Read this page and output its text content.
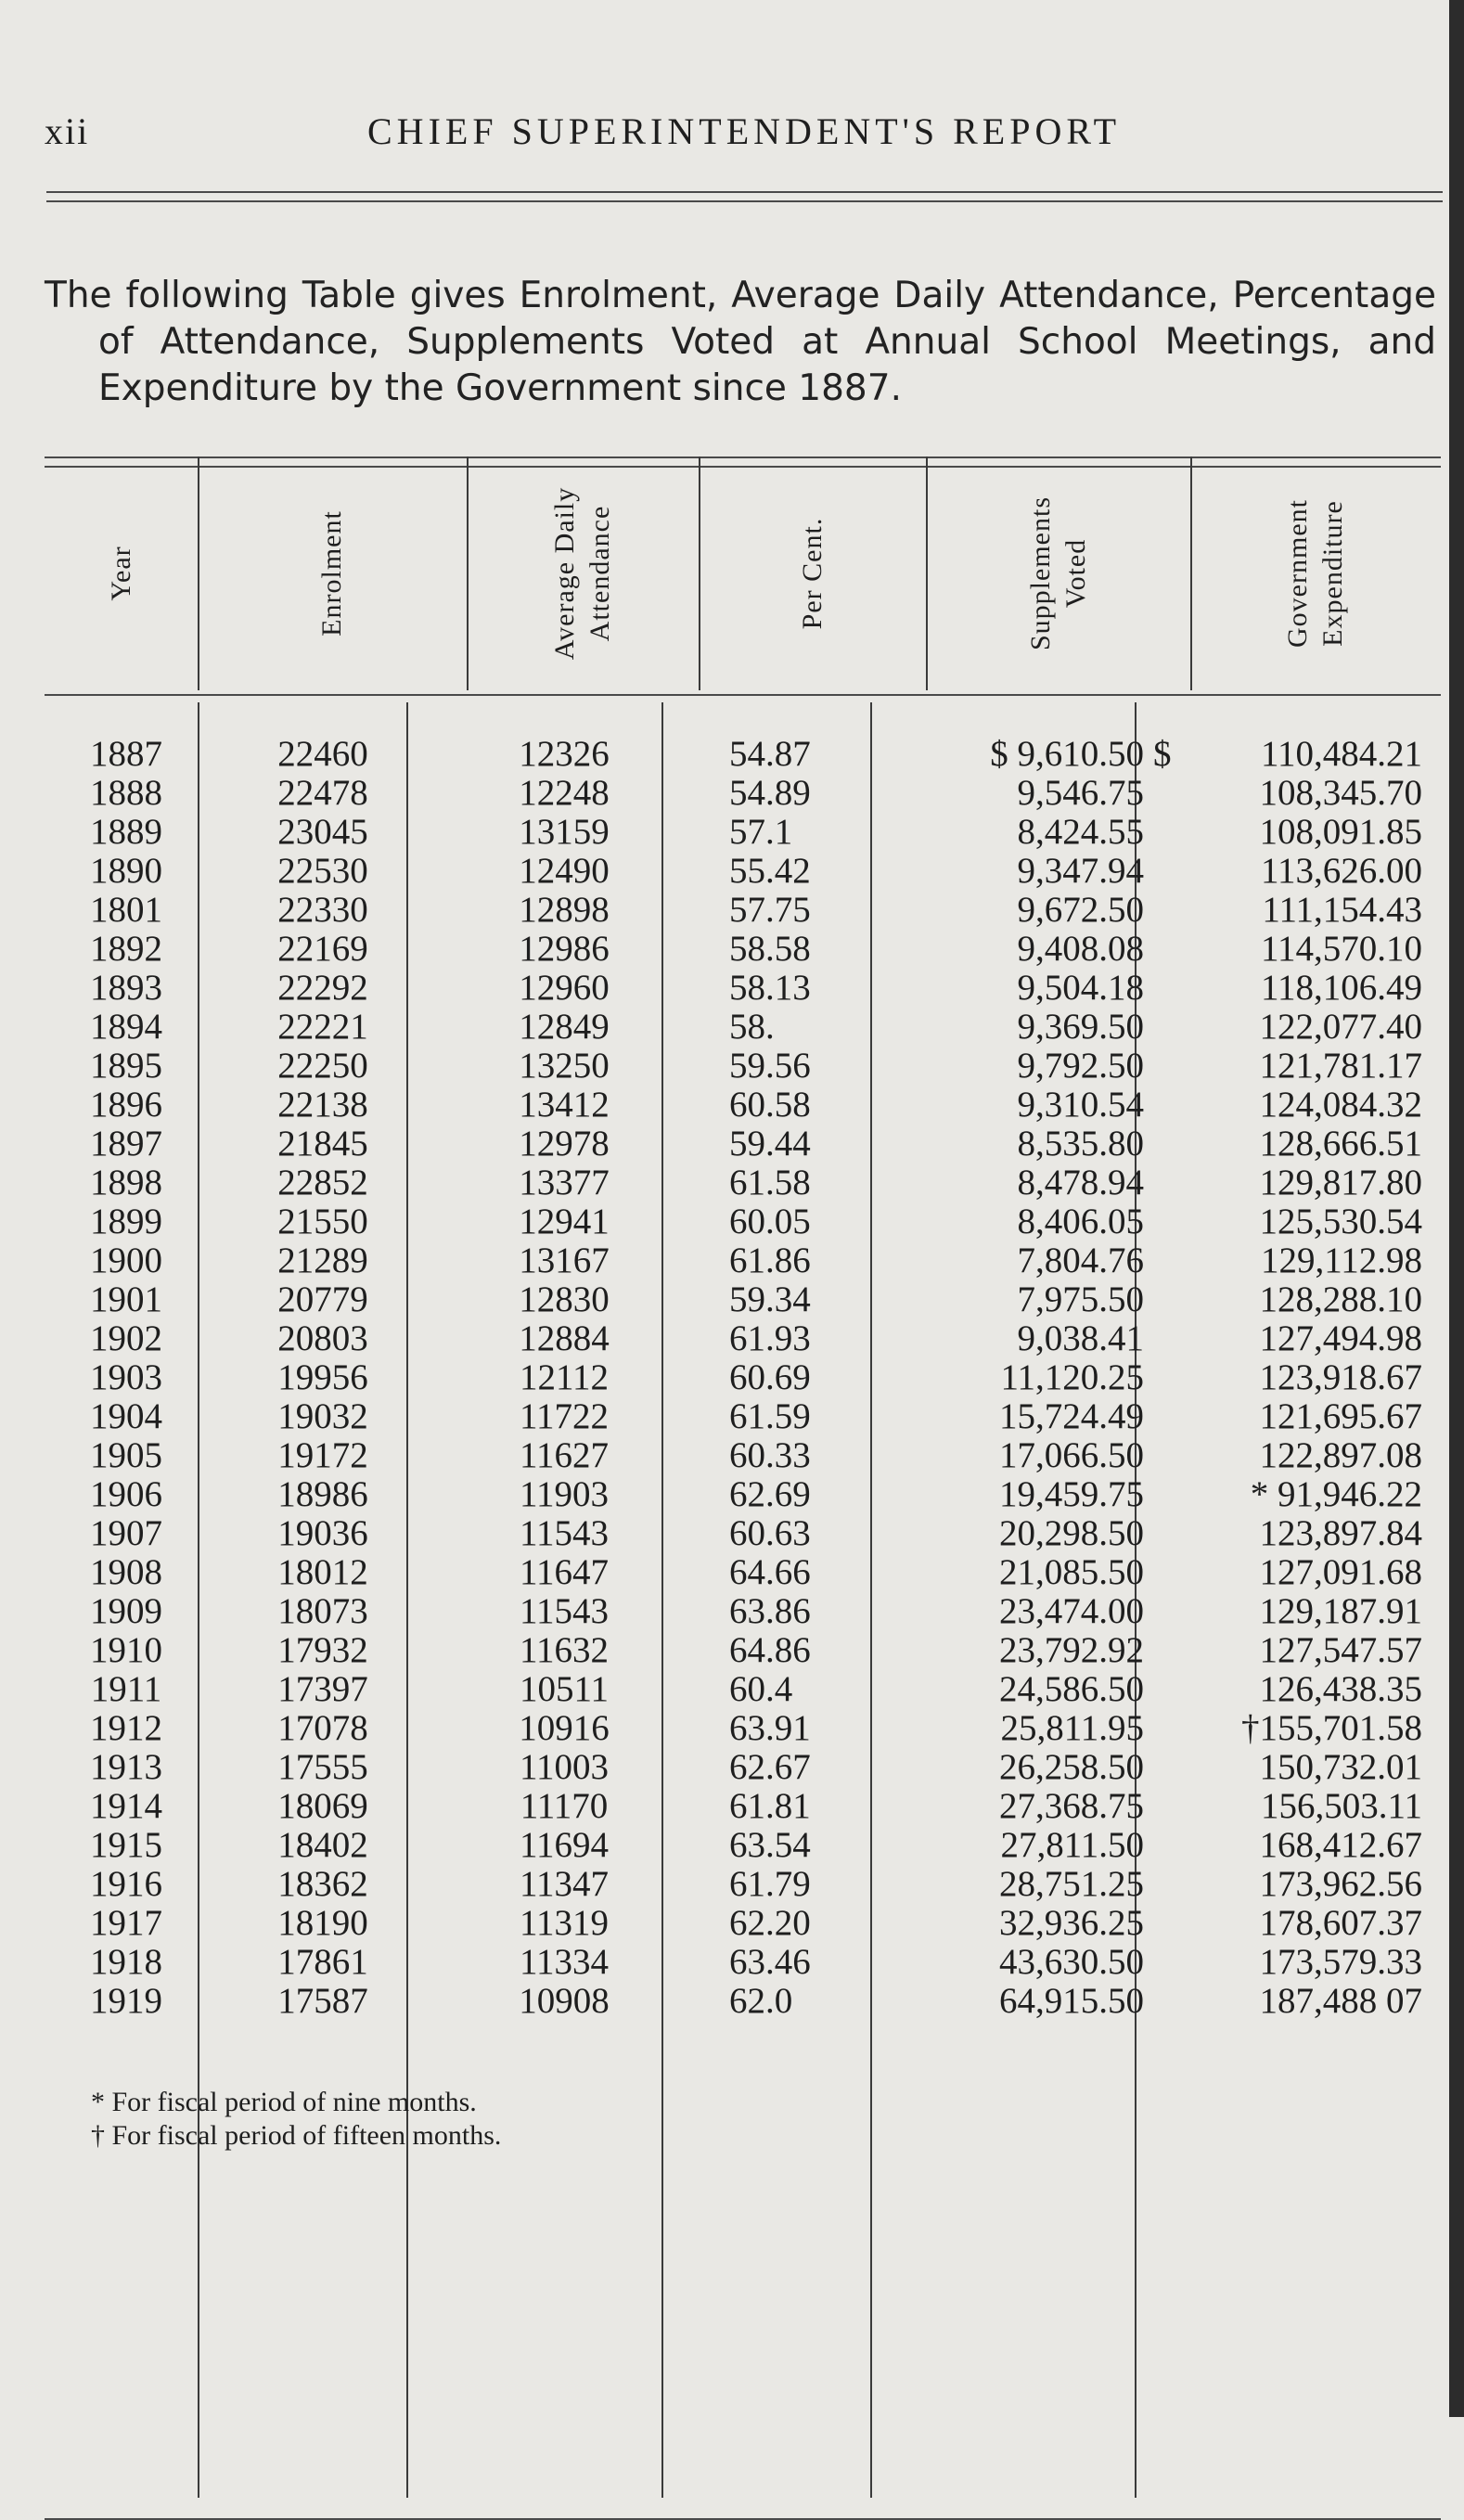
xii	CHIEF SUPERINTENDENT'S REPORT

The following Table gives Enrolment, Average Daily Attendance, Percentage of Attendance, Supplements Voted at Annual School Meetings, and Expenditure by the Government since 1887.

Year	Enrolment	Average Daily Attendance	Per Cent.	Supplements Voted	Government Expenditure
$
1887	22460	12326	54.87	$ 9,610.50	110,484.21
1888	22478	12248	54.89	9,546.75	108,345.70
1889	23045	13159	57.1	8,424.55	108,091.85
1890	22530	12490	55.42	9,347.94	113,626.00
1801	22330	12898	57.75	9,672.50	111,154.43
1892	22169	12986	58.58	9,408.08	114,570.10
1893	22292	12960	58.13	9,504.18	118,106.49
1894	22221	12849	58.	9,369.50	122,077.40
1895	22250	13250	59.56	9,792.50	121,781.17
1896	22138	13412	60.58	9,310.54	124,084.32
1897	21845	12978	59.44	8,535.80	128,666.51
1898	22852	13377	61.58	8,478.94	129,817.80
1899	21550	12941	60.05	8,406.05	125,530.54
1900	21289	13167	61.86	7,804.76	129,112.98
1901	20779	12830	59.34	7,975.50	128,288.10
1902	20803	12884	61.93	9,038.41	127,494.98
1903	19956	12112	60.69	11,120.25	123,918.67
1904	19032	11722	61.59	15,724.49	121,695.67
1905	19172	11627	60.33	17,066.50	122,897.08
1906	18986	11903	62.69	19,459.75	* 91,946.22
1907	19036	11543	60.63	20,298.50	123,897.84
1908	18012	11647	64.66	21,085.50	127,091.68
1909	18073	11543	63.86	23,474.00	129,187.91
1910	17932	11632	64.86	23,792.92	127,547.57
1911	17397	10511	60.4	24,586.50	126,438.35
1912	17078	10916	63.91	25,811.95	†155,701.58
1913	17555	11003	62.67	26,258.50	150,732.01
1914	18069	11170	61.81	27,368.75	156,503.11
1915	18402	11694	63.54	27,811.50	168,412.67
1916	18362	11347	61.79	28,751.25	173,962.56
1917	18190	11319	62.20	32,936.25	178,607.37
1918	17861	11334	63.46	43,630.50	173,579.33
1919	17587	10908	62.0	64,915.50	187,488 07
* For fiscal period of nine months.
† For fiscal period of fifteen months.
